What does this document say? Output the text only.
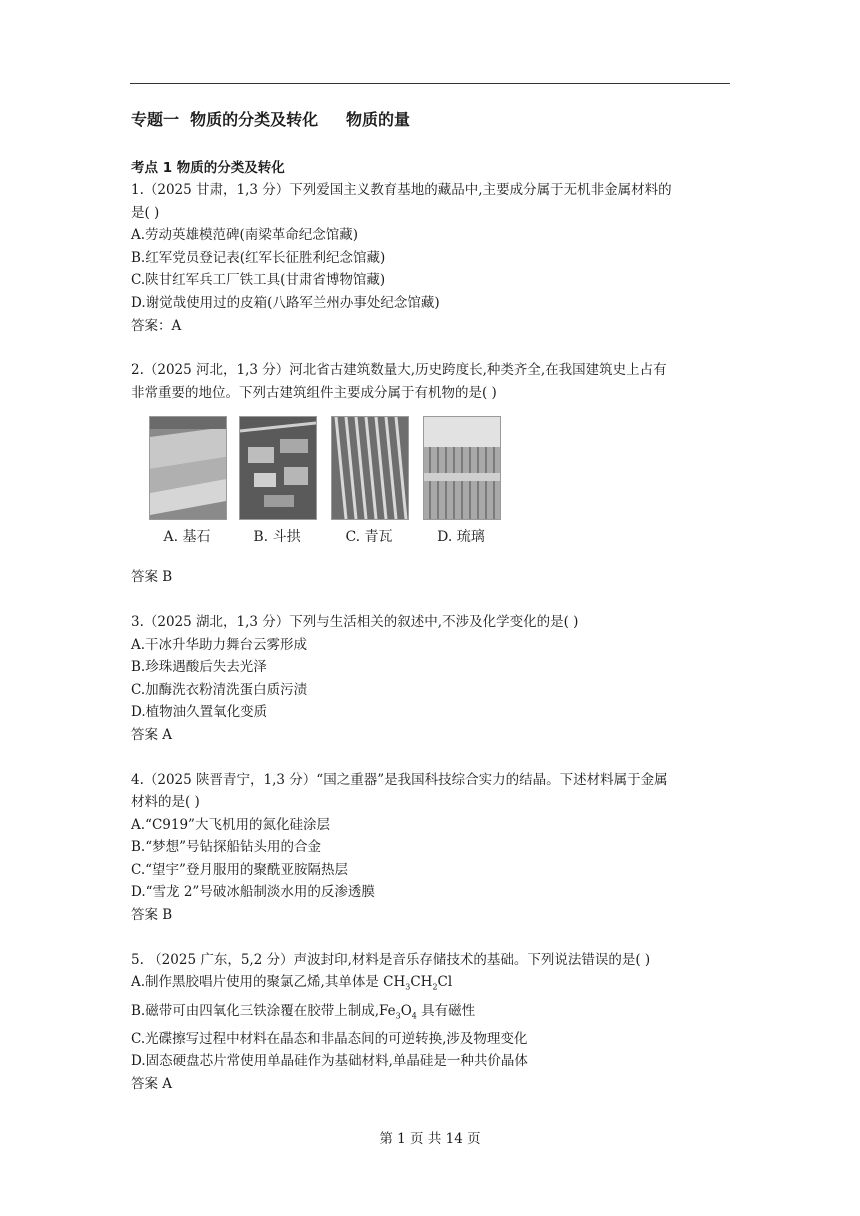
专题一  物质的分类及转化     物质的量
考点 1 物质的分类及转化

1.（2025 甘肃，1,3 分）下列爱国主义教育基地的藏品中,主要成分属于无机非金属材料的

是( )

A.劳动英雄模范碑(南梁革命纪念馆藏)

B.红军党员登记表(红军长征胜利纪念馆藏)

C.陕甘红军兵工厂铁工具(甘肃省博物馆藏)

D.谢觉哉使用过的皮箱(八路军兰州办事处纪念馆藏)

答案：A

2.（2025 河北，1,3 分）河北省古建筑数量大,历史跨度长,种类齐全,在我国建筑史上占有

非常重要的地位。下列古建筑组件主要成分属于有机物的是( )

A. 基石	B. 斗拱	C. 青瓦	D. 琉璃

答案 B

3.（2025 湖北，1,3 分）下列与生活相关的叙述中,不涉及化学变化的是( )

A.干冰升华助力舞台云雾形成

B.珍珠遇酸后失去光泽

C.加酶洗衣粉清洗蛋白质污渍

D.植物油久置氧化变质

答案 A

4.（2025 陕晋青宁，1,3 分）“国之重器”是我国科技综合实力的结晶。下述材料属于金属

材料的是( )

A.“C919”大飞机用的氮化硅涂层

B.“梦想”号钻探船钻头用的合金

C.“望宇”登月服用的聚酰亚胺隔热层

D.“雪龙 2”号破冰船制淡水用的反渗透膜

答案 B

5. （2025 广东，5,2 分）声波封印,材料是音乐存储技术的基础。下列说法错误的是( )

A.制作黑胶唱片使用的聚氯乙烯,其单体是 $CH_3CH_2Cl$

B.磁带可由四氧化三铁涂覆在胶带上制成$,Fe_3O_4$ 具有磁性

C.光碟擦写过程中材料在晶态和非晶态间的可逆转换,涉及物理变化

D.固态硬盘芯片常使用单晶硅作为基础材料,单晶硅是一种共价晶体

答案 A

第 1 页 共 14 页
